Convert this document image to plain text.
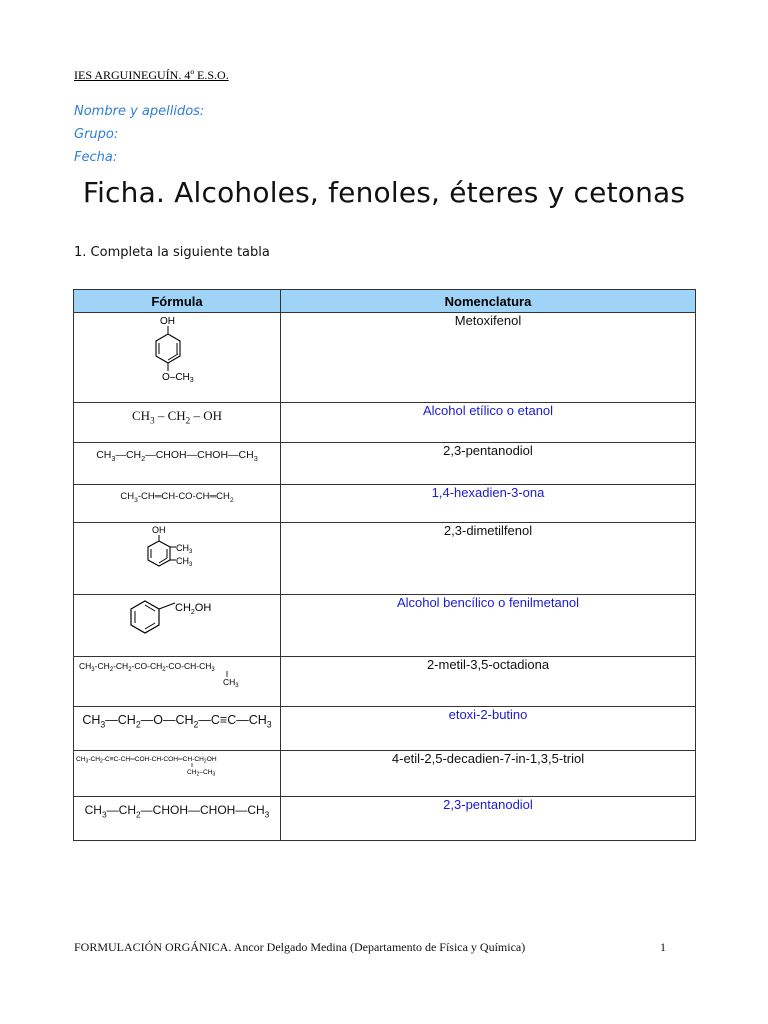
IES ARGUINEGUÍN. 4º E.S.O.
Nombre y apellidos:
Grupo:
Fecha:
Ficha. Alcoholes, fenoles, éteres y cetonas
1. Completa la siguiente tabla
Fórmula	Nomenclatura

OH
$O-CH_3$	Metoxifenol
$CH_3 - CH_2$ – OH	Alcohol etílico o etanol
$CH_3—CH_2—CHOH—CHOH—CH_3$	2,3-pentanodiol
$CH_3-CH═CH-CO-CH═CH_2$	1,4-hexadien-3-ona

OH
$CH_3$
$CH_3$	2,3-dimetilfenol

$CH_2OH$	Alcohol bencílico o fenilmetanol

$CH_3-CH_2-CH_2-CO-CH_2-CO-CH-CH_3$
$CH_3$	2-metil-3,5-octadiona
$CH_3—CH_2—O—CH_2—C\equiv C—CH_3$	etoxi-2-butino

$CH_3-CH_2-C\equiv C-CH═COH-CH-COH═CH-CH_2OH$
$CH_2-CH_3$	4-etil-2,5-decadien-7-in-1,3,5-triol
$CH_3—CH_2—CHOH—CHOH—CH_3$	2,3-pentanodiol
FORMULACIÓN ORGÁNICA. Ancor Delgado Medina (Departamento de Física y Química)	1
